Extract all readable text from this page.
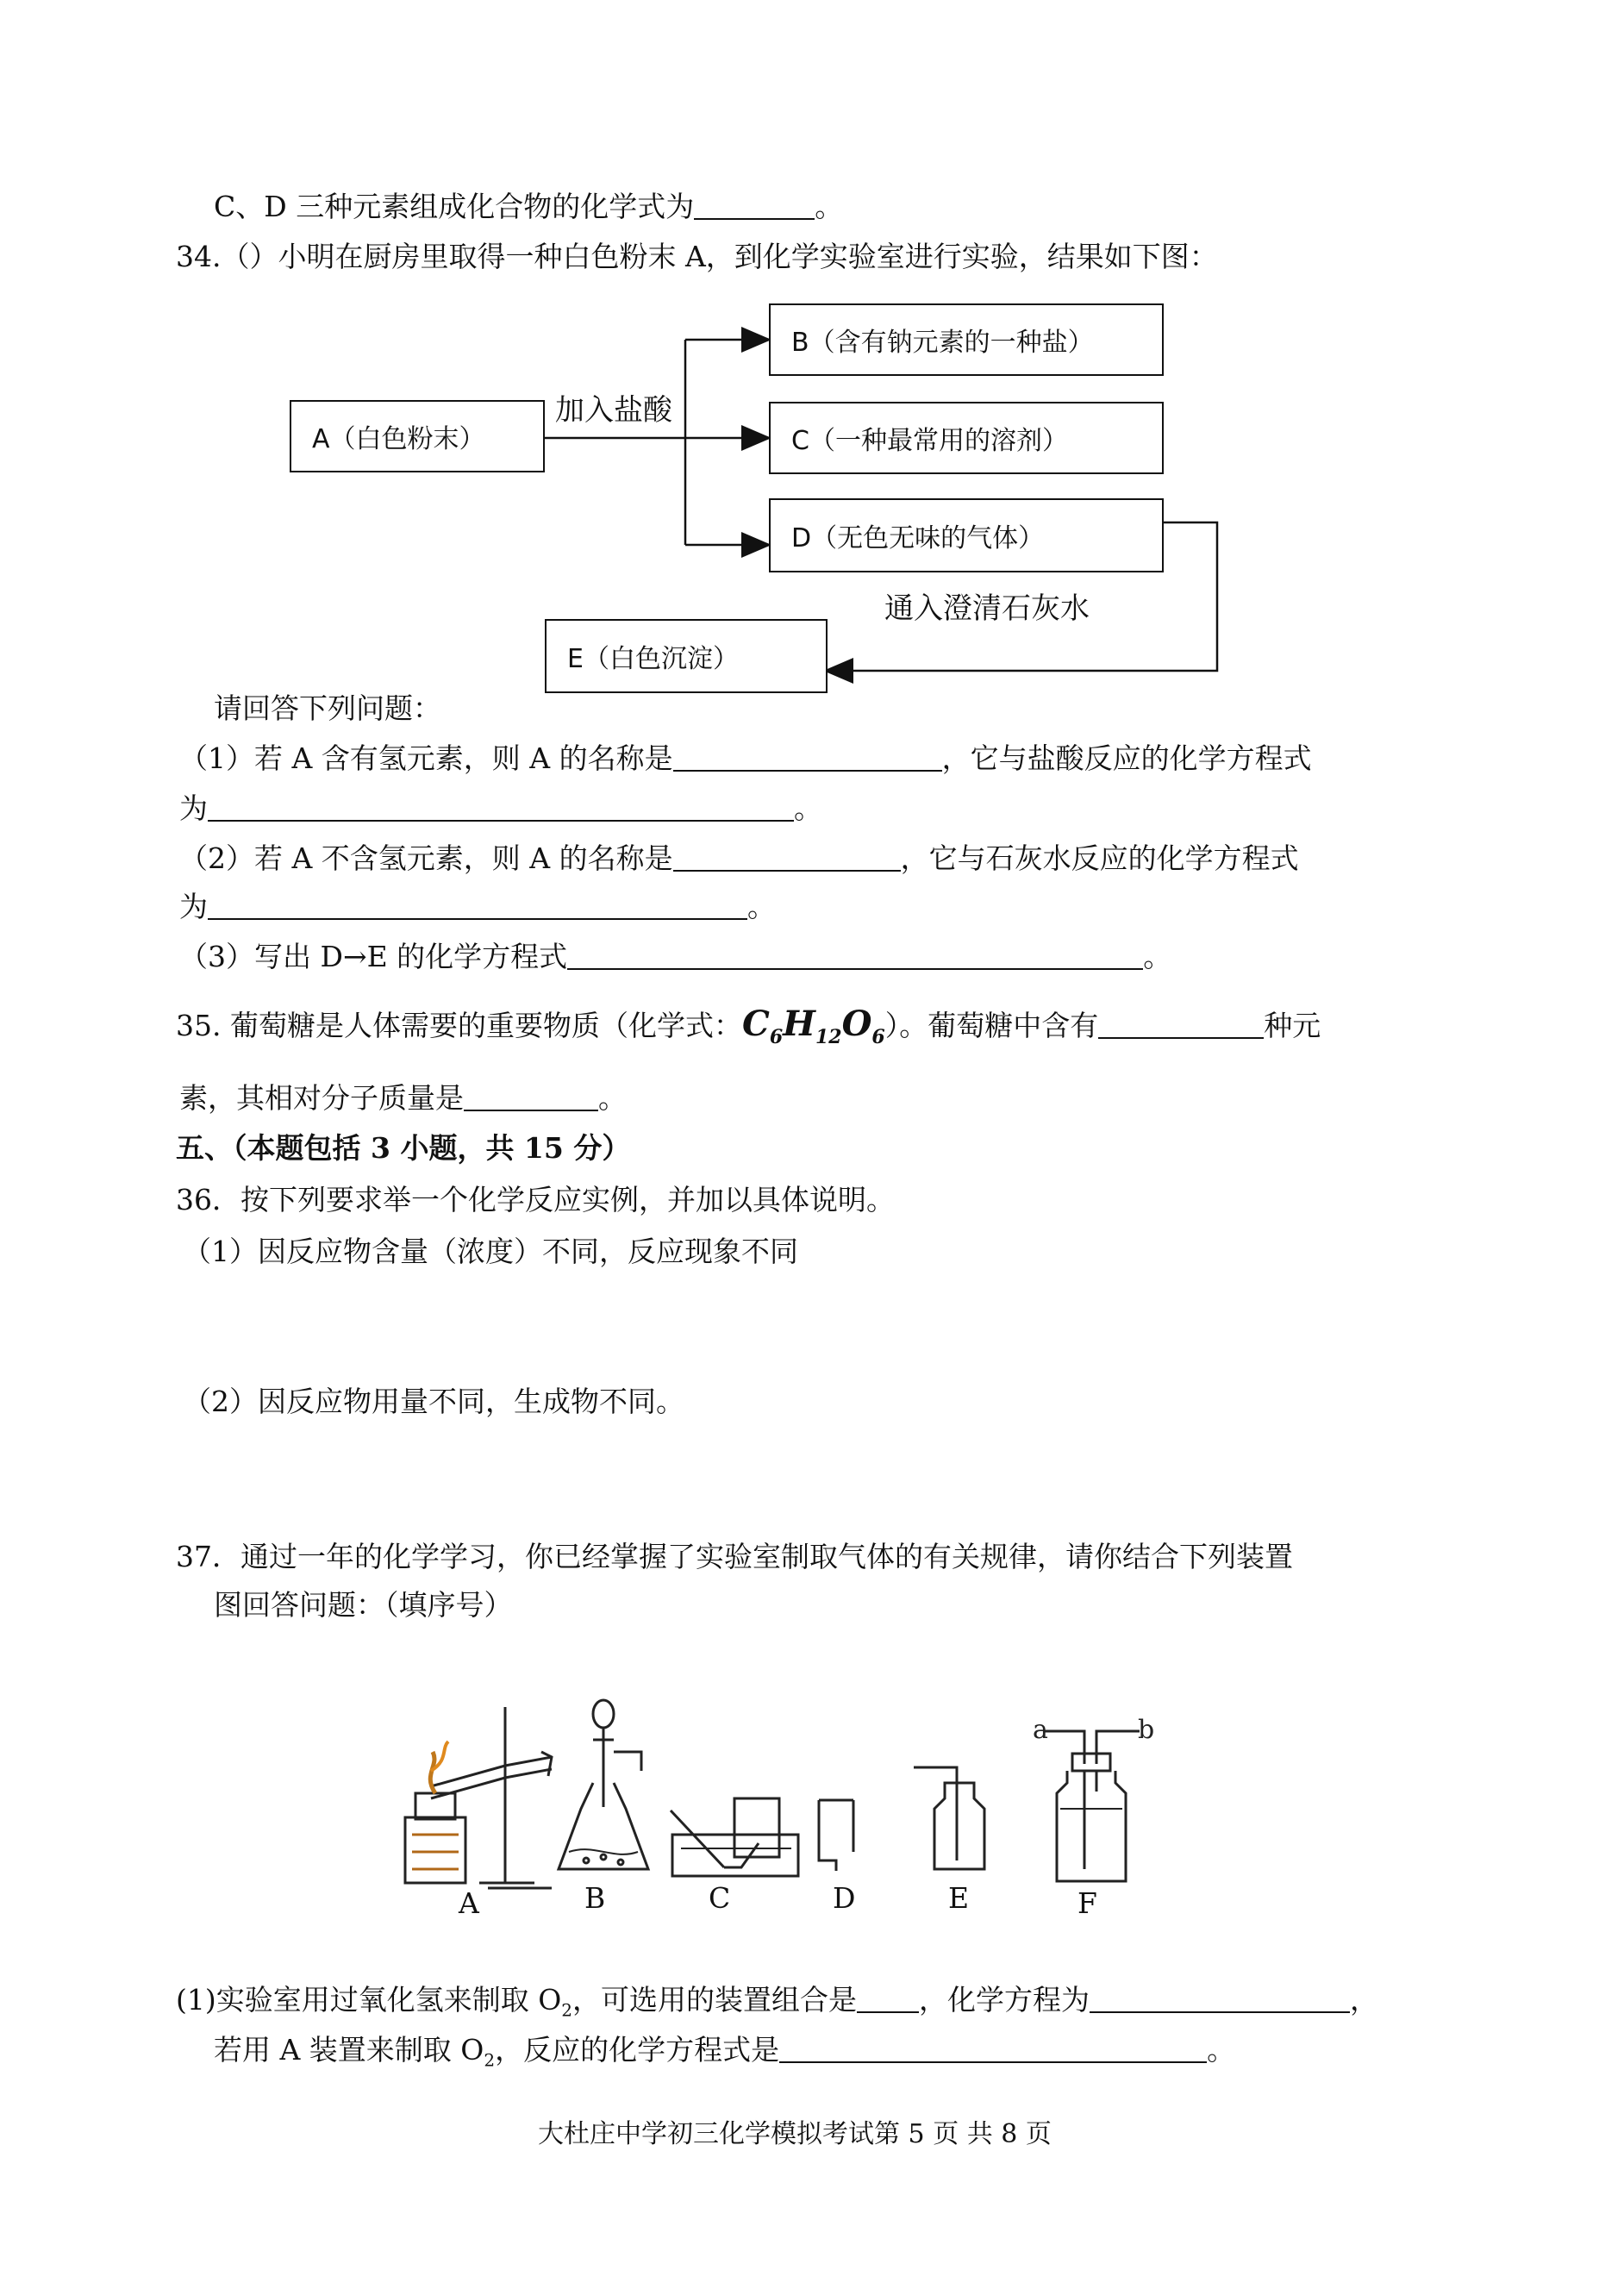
C、D 三种元素组成化合物的化学式为	。
34.（）小明在厨房里取得一种白色粉末 A，到化学实验室进行实验，结果如下图：
A（白色粉末）
B（含有钠元素的一种盐）
C（一种最常用的溶剂）
D（无色无味的气体）
E（白色沉淀）
加入盐酸
通入澄清石灰水
请回答下列问题：
（1）若 A 含有氢元素，则 A 的名称是	，它与盐酸反应的化学方程式
为	。
（2）若 A 不含氢元素，则 A 的名称是	，它与石灰水反应的化学方程式
为	。
（3）写出 D→E 的化学方程式	。
35. 葡萄糖是人体需要的重要物质（化学式：$C_6H_{12}O_6$）。葡萄糖中含有	种元
素，其相对分子质量是	。
五、（本题包括 3 小题，共 15 分）
36．按下列要求举一个化学反应实例，并加以具体说明。
（1）因反应物含量（浓度）不同，反应现象不同
（2）因反应物用量不同，生成物不同。
37．通过一年的化学学习，你已经掌握了实验室制取气体的有关规律，请你结合下列装置
图回答问题：（填序号）
a	b
A	B	C	D	E	F
(1)实验室用过氧化氢来制取 $O_2$，可选用的装置组合是 ，化学方程为	，
若用 A 装置来制取 $O_2$，反应的化学方程式是	。
大杜庄中学初三化学模拟考试第 5 页 共 8 页
